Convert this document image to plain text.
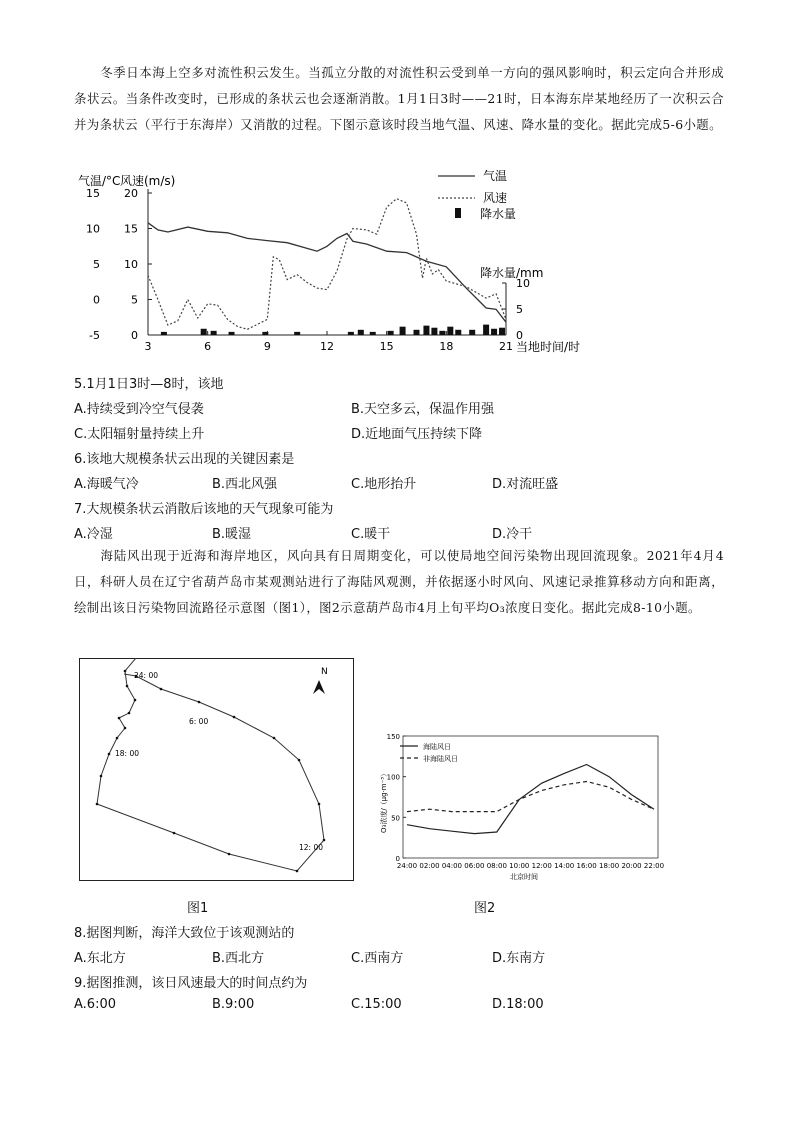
冬季日本海上空多对流性积云发生。当孤立分散的对流性积云受到单一方向的强风影响时，积云定向合并形成条状云。当条件改变时，已形成的条状云也会逐渐消散。1月1日3时——21时，日本海东岸某地经历了一次积云合并为条状云（平行于东海岸）又消散的过程。下图示意该时段当地气温、风速、降水量的变化。据此完成5-6小题。
15 20
10 15
5 10
0	5
-5	0
10
5
0
3	6	9	12	15	18	21
气温/°C 风速(m/s)
降水量/mm
当地时间/时
气温
风速
降水量
5.1月1日3时—8时，该地
A.持续受到冷空气侵袭	B.天空多云，保温作用强
C.太阳辐射量持续上升	D.近地面气压持续下降
6.该地大规模条状云出现的关键因素是
A.海暖气冷	B.西北风强	C.地形抬升	D.对流旺盛
7.大规模条状云消散后该地的天气现象可能为
A.冷湿	B.暖湿	C.暖干	D.冷干
海陆风出现于近海和海岸地区，风向具有日周期变化，可以使局地空间污染物出现回流现象。2021年4月4日，科研人员在辽宁省葫芦岛市某观测站进行了海陆风观测，并依据逐小时风向、风速记录推算移动方向和距离，绘制出该日污染物回流路径示意图（图1），图2示意葫芦岛市4月上旬平均O₃浓度日变化。据此完成8-10小题。
N
24: 00
6: 00
18: 00
12: 00
图1
150
100
50
0
24:00 02:00 04:00 06:00 08:00 10:00 12:00 14:00 16:00 18:00 20:00 22:00
海陆风日
非海陆风日
O₃浓度/（μg·m⁻³）
北京时间
图2
8.据图判断，海洋大致位于该观测站的
A.东北方	B.西北方	C.西南方	D.东南方
9.据图推测，该日风速最大的时间点约为
A.6:00	B.9:00	C.15:00	D.18:00
